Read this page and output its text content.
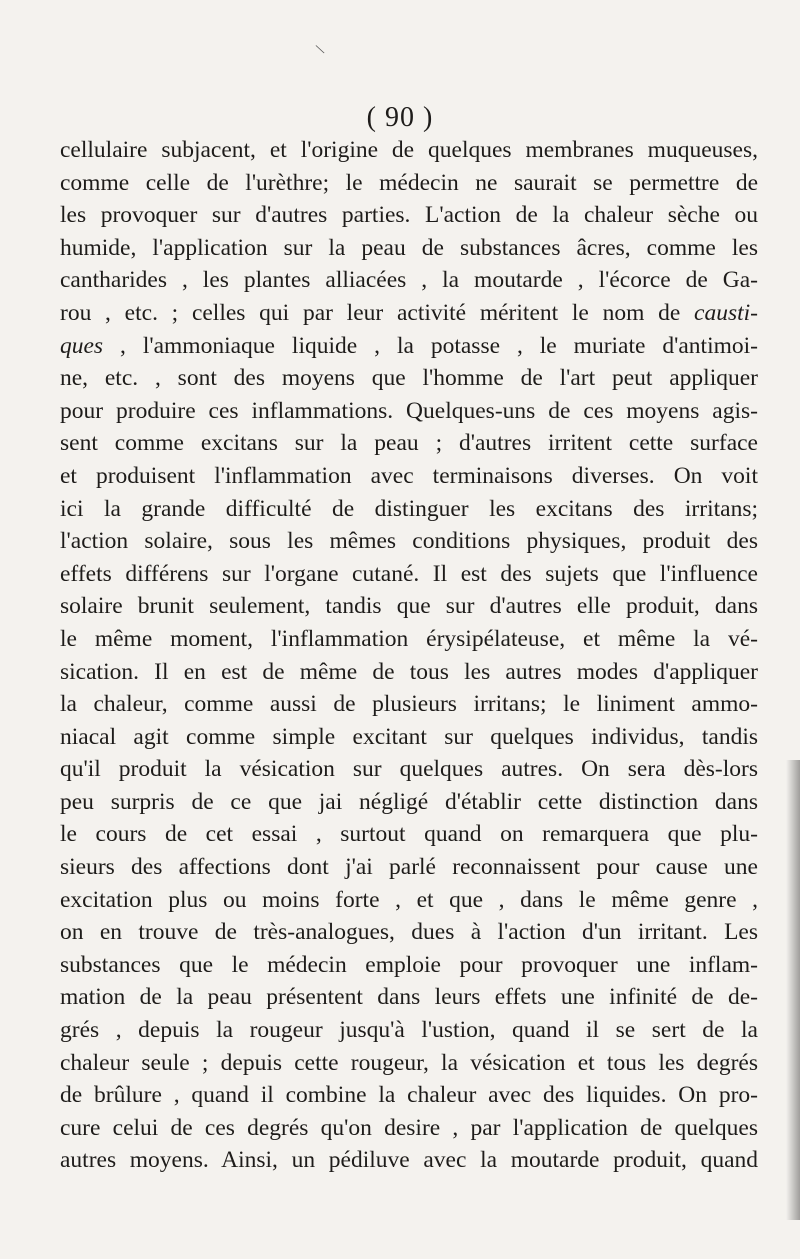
\
( 90 )
cellulaire subjacent, et l'origine de quelques membranes muqueuses,
comme celle de l'urèthre; le médecin ne saurait se permettre de
les provoquer sur d'autres parties. L'action de la chaleur sèche ou
humide, l'application sur la peau de substances âcres, comme les
cantharides , les plantes alliacées , la moutarde , l'écorce de Ga-
rou , etc. ; celles qui par leur activité méritent le nom de causti-
ques , l'ammoniaque liquide , la potasse , le muriate d'antimoi-
ne, etc. , sont des moyens que l'homme de l'art peut appliquer
pour produire ces inflammations. Quelques-uns de ces moyens agis-
sent comme excitans sur la peau ; d'autres irritent cette surface
et produisent l'inflammation avec terminaisons diverses. On voit
ici la grande difficulté de distinguer les excitans des irritans;
l'action solaire, sous les mêmes conditions physiques, produit des
effets différens sur l'organe cutané. Il est des sujets que l'influence
solaire brunit seulement, tandis que sur d'autres elle produit, dans
le même moment, l'inflammation érysipélateuse, et même la vé-
sication. Il en est de même de tous les autres modes d'appliquer
la chaleur, comme aussi de plusieurs irritans; le liniment ammo-
niacal agit comme simple excitant sur quelques individus, tandis
qu'il produit la vésication sur quelques autres. On sera dès-lors
peu surpris de ce que jai négligé d'établir cette distinction dans
le cours de cet essai , surtout quand on remarquera que plu-
sieurs des affections dont j'ai parlé reconnaissent pour cause une
excitation plus ou moins forte , et que , dans le même genre ,
on en trouve de très-analogues, dues à l'action d'un irritant. Les
substances que le médecin emploie pour provoquer une inflam-
mation de la peau présentent dans leurs effets une infinité de de-
grés , depuis la rougeur jusqu'à l'ustion, quand il se sert de la
chaleur seule ; depuis cette rougeur, la vésication et tous les degrés
de brûlure , quand il combine la chaleur avec des liquides. On pro-
cure celui de ces degrés qu'on desire , par l'application de quelques
autres moyens. Ainsi, un pédiluve avec la moutarde produit, quand
